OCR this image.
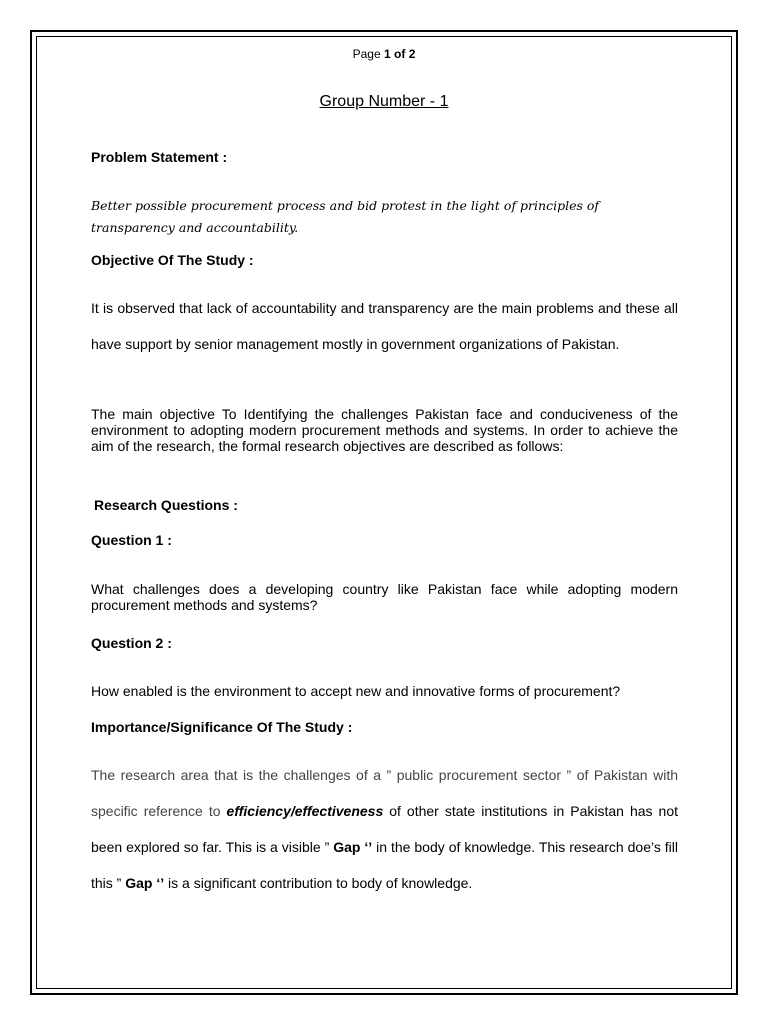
Page 1 of 2

Group Number - 1

Problem Statement :

Better possible procurement process and bid protest in the light of principles of transparency and accountability.

Objective Of The Study :

It is observed that lack of accountability and transparency are the main problems and these all have support by senior management mostly in government organizations of Pakistan.

The main objective To Identifying the challenges Pakistan face and conduciveness of the environment to adopting modern procurement methods and systems. In order to achieve the aim of the research, the formal research objectives are described as follows:

Research Questions :

Question 1 :

What challenges does a developing country like Pakistan face while adopting modern procurement methods and systems?

Question 2 :

How enabled is the environment to accept new and innovative forms of procurement?

Importance/Significance Of The Study :

The research area that is the challenges of a ” public procurement sector ” of Pakistan with specific reference to efficiency/effectiveness of other state institutions in Pakistan has not been explored so far. This is a visible ” Gap ‘’ in the body of knowledge. This research doe’s fill this ” Gap ‘’ is a significant contribution to body of knowledge.
